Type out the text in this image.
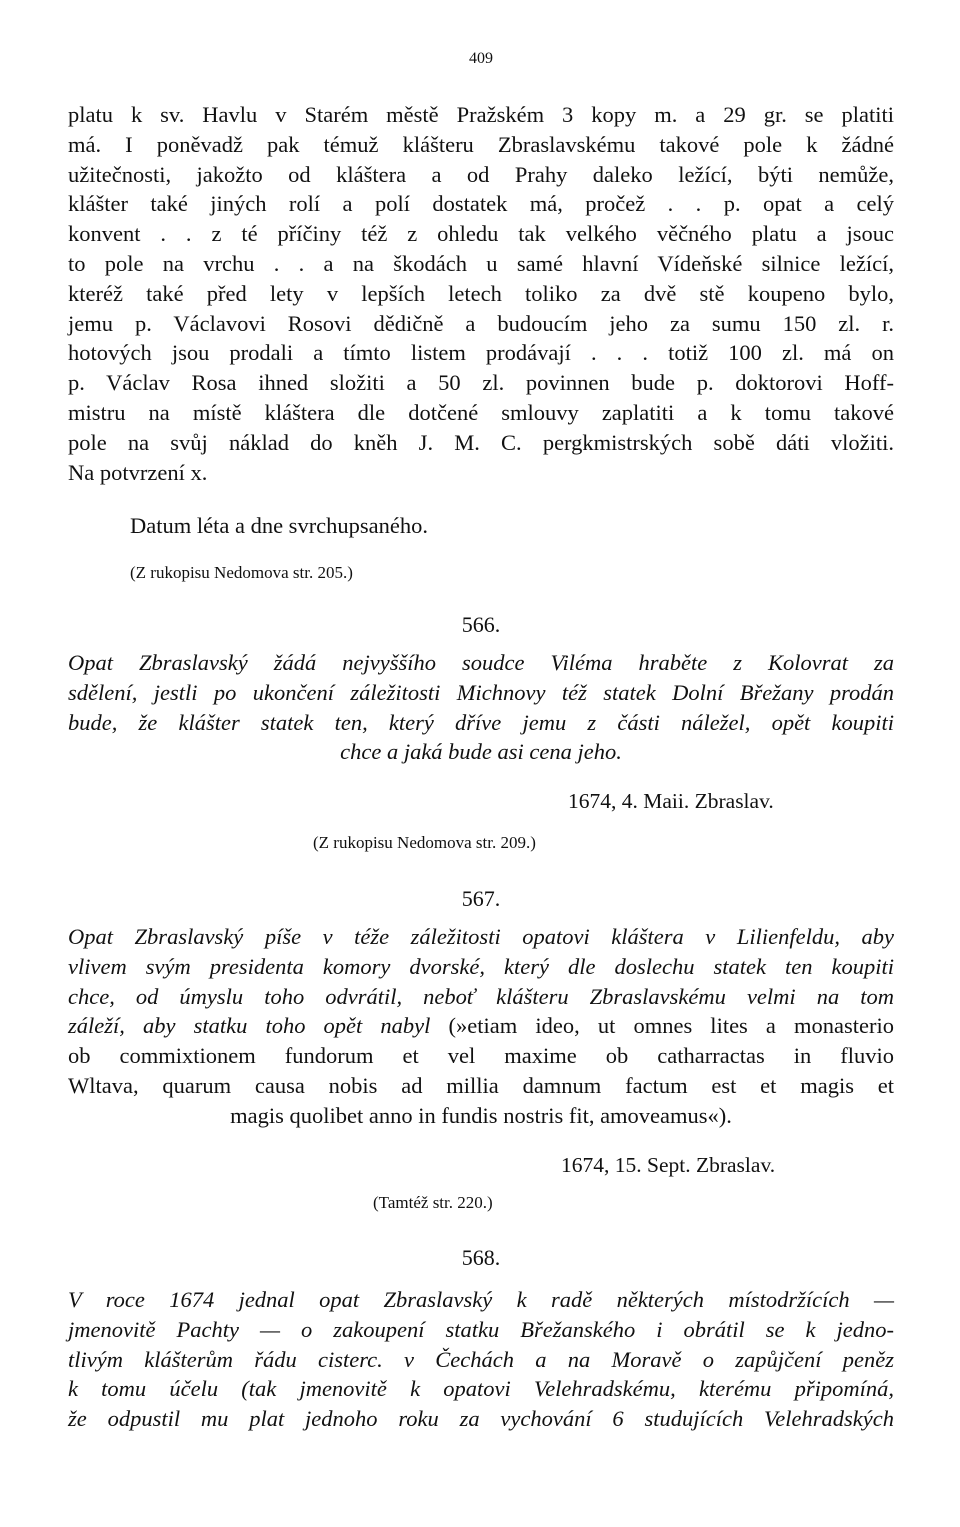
409
platu k sv. Havlu v Starém městě Pražském 3 kopy m. a 29 gr. se platiti
má. I poněvadž pak témuž klášteru Zbraslavskému takové pole k žádné
užitečnosti, jakožto od kláštera a od Prahy daleko ležící, býti nemůže,
klášter také jiných rolí a polí dostatek má, pročež . . p. opat a celý
konvent . . z té příčiny též z ohledu tak velkého věčného platu a jsouc
to pole na vrchu . . a na škodách u samé hlavní Vídeňské silnice ležící,
kteréž také před lety v lepších letech toliko za dvě stě koupeno bylo,
jemu p. Václavovi Rosovi dědičně a budoucím jeho za sumu 150 zl. r.
hotových jsou prodali a tímto listem prodávají . . . totiž 100 zl. má on
p. Václav Rosa ihned složiti a 50 zl. povinnen bude p. doktorovi Hoff-
mistru na místě kláštera dle dotčené smlouvy zaplatiti a k tomu takové
pole na svůj náklad do kněh J. M. C. pergkmistrských sobě dáti vložiti.
Na potvrzení x.
Datum léta a dne svrchupsaného.
(Z rukopisu Nedomova str. 205.)
566.
Opat Zbraslavský žádá nejvyššího soudce Viléma hraběte z Kolovrat za
sdělení, jestli po ukončení záležitosti Michnovy též statek Dolní Břežany prodán
bude, že klášter statek ten, který dříve jemu z části náležel, opět koupiti
chce a jaká bude asi cena jeho.
1674, 4. Maii. Zbraslav.
(Z rukopisu Nedomova str. 209.)
567.
Opat Zbraslavský píše v téže záležitosti opatovi kláštera v Lilienfeldu, aby
vlivem svým presidenta komory dvorské, který dle doslechu statek ten koupiti
chce, od úmyslu toho odvrátil, neboť klášteru Zbraslavskému velmi na tom
záleží, aby statku toho opět nabyl (»etiam ideo, ut omnes lites a monasterio
ob commixtionem fundorum et vel maxime ob catharractas in fluvio
Wltava, quarum causa nobis ad millia damnum factum est et magis et
magis quolibet anno in fundis nostris fit, amoveamus«).
1674, 15. Sept. Zbraslav.
(Tamtéž str. 220.)
568.
V roce 1674 jednal opat Zbraslavský k radě některých místodržících —
jmenovitě Pachty — o zakoupení statku Břežanského i obrátil se k jedno-
tlivým klášterům řádu cisterc. v Čechách a na Moravě o zapůjčení peněz
k tomu účelu (tak jmenovitě k opatovi Velehradskému, kterému připomíná,
že odpustil mu plat jednoho roku za vychování 6 studujících Velehradských
